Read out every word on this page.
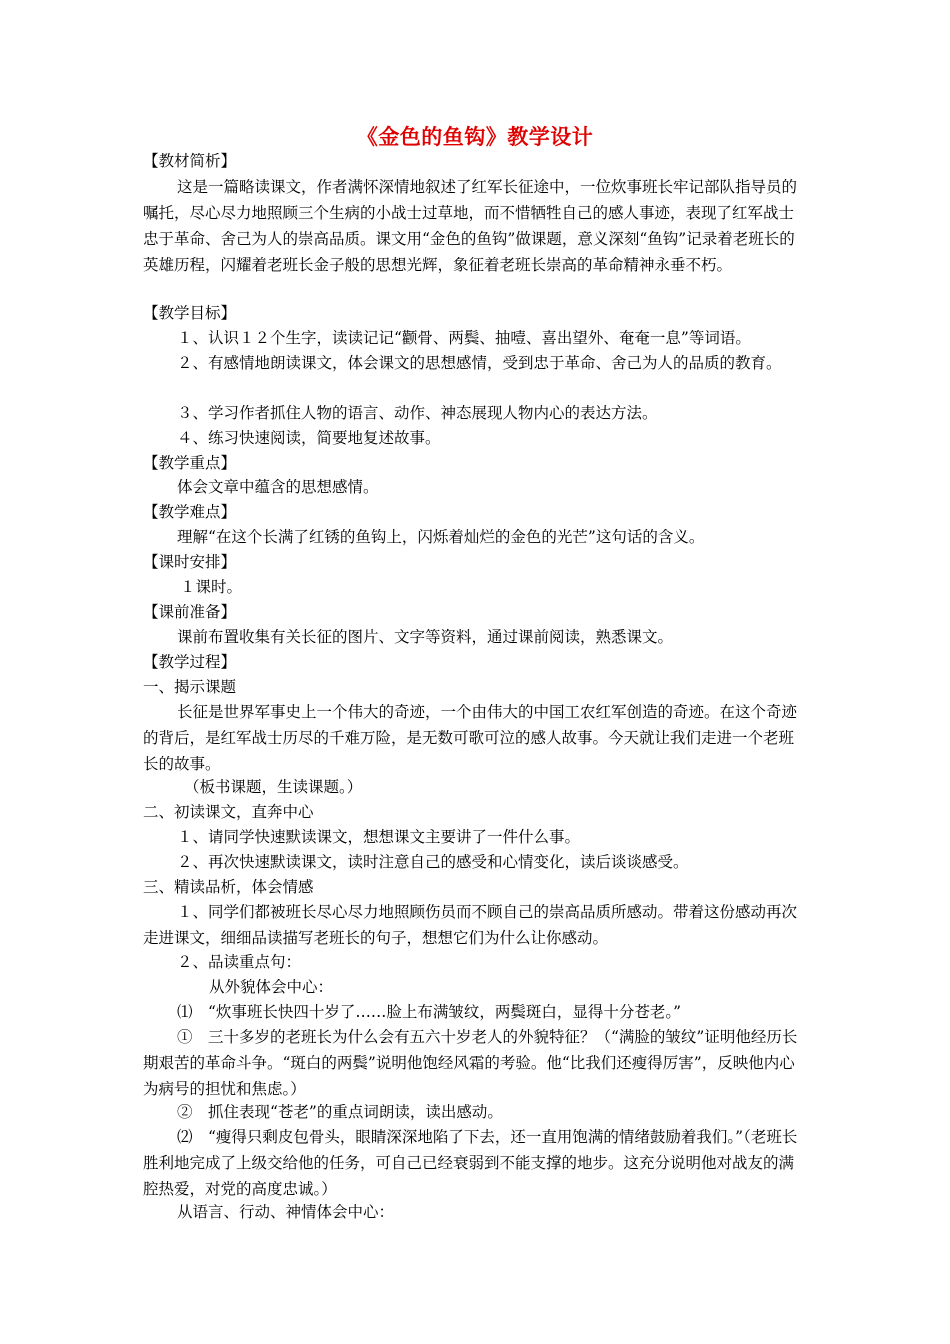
《金色的鱼钩》教学设计
【教材简析】
这是一篇略读课文，作者满怀深情地叙述了红军长征途中，一位炊事班长牢记部队指导员的嘱托，尽心尽力地照顾三个生病的小战士过草地，而不惜牺牲自己的感人事迹，表现了红军战士忠于革命、舍己为人的崇高品质。课文用“金色的鱼钩”做课题，意义深刻“鱼钩”记录着老班长的英雄历程，闪耀着老班长金子般的思想光辉，象征着老班长崇高的革命精神永垂不朽。
【教学目标】
１、认识１２个生字，读读记记“颧骨、两鬓、抽噎、喜出望外、奄奄一息”等词语。
２、有感情地朗读课文，体会课文的思想感情，受到忠于革命、舍己为人的品质的教育。
３、学习作者抓住人物的语言、动作、神态展现人物内心的表达方法。
４、练习快速阅读，简要地复述故事。
【教学重点】
体会文章中蕴含的思想感情。
【教学难点】
理解“在这个长满了红锈的鱼钩上，闪烁着灿烂的金色的光芒”这句话的含义。
【课时安排】
１课时。
【课前准备】
课前布置收集有关长征的图片、文字等资料，通过课前阅读，熟悉课文。
【教学过程】
一、揭示课题
长征是世界军事史上一个伟大的奇迹，一个由伟大的中国工农红军创造的奇迹。在这个奇迹的背后，是红军战士历尽的千难万险，是无数可歌可泣的感人故事。今天就让我们走进一个老班长的故事。
（板书课题，生读课题。）
二、初读课文，直奔中心
１、请同学快速默读课文，想想课文主要讲了一件什么事。
２、再次快速默读课文，读时注意自己的感受和心情变化，读后谈谈感受。
三、精读品析，体会情感
１、同学们都被班长尽心尽力地照顾伤员而不顾自己的崇高品质所感动。带着这份感动再次走进课文，细细品读描写老班长的句子，想想它们为什么让你感动。
２、品读重点句：
从外貌体会中心：
⑴　“炊事班长快四十岁了……脸上布满皱纹，两鬓斑白，显得十分苍老。”
①　三十多岁的老班长为什么会有五六十岁老人的外貌特征？（“满脸的皱纹”证明他经历长期艰苦的革命斗争。“斑白的两鬓”说明他饱经风霜的考验。他“比我们还瘦得厉害”，反映他内心为病号的担忧和焦虑。）
②　抓住表现“苍老”的重点词朗读，读出感动。
⑵　“瘦得只剩皮包骨头，眼睛深深地陷了下去，还一直用饱满的情绪鼓励着我们。”（老班长胜利地完成了上级交给他的任务，可自己已经衰弱到不能支撑的地步。这充分说明他对战友的满腔热爱，对党的高度忠诚。）
从语言、行动、神情体会中心：
